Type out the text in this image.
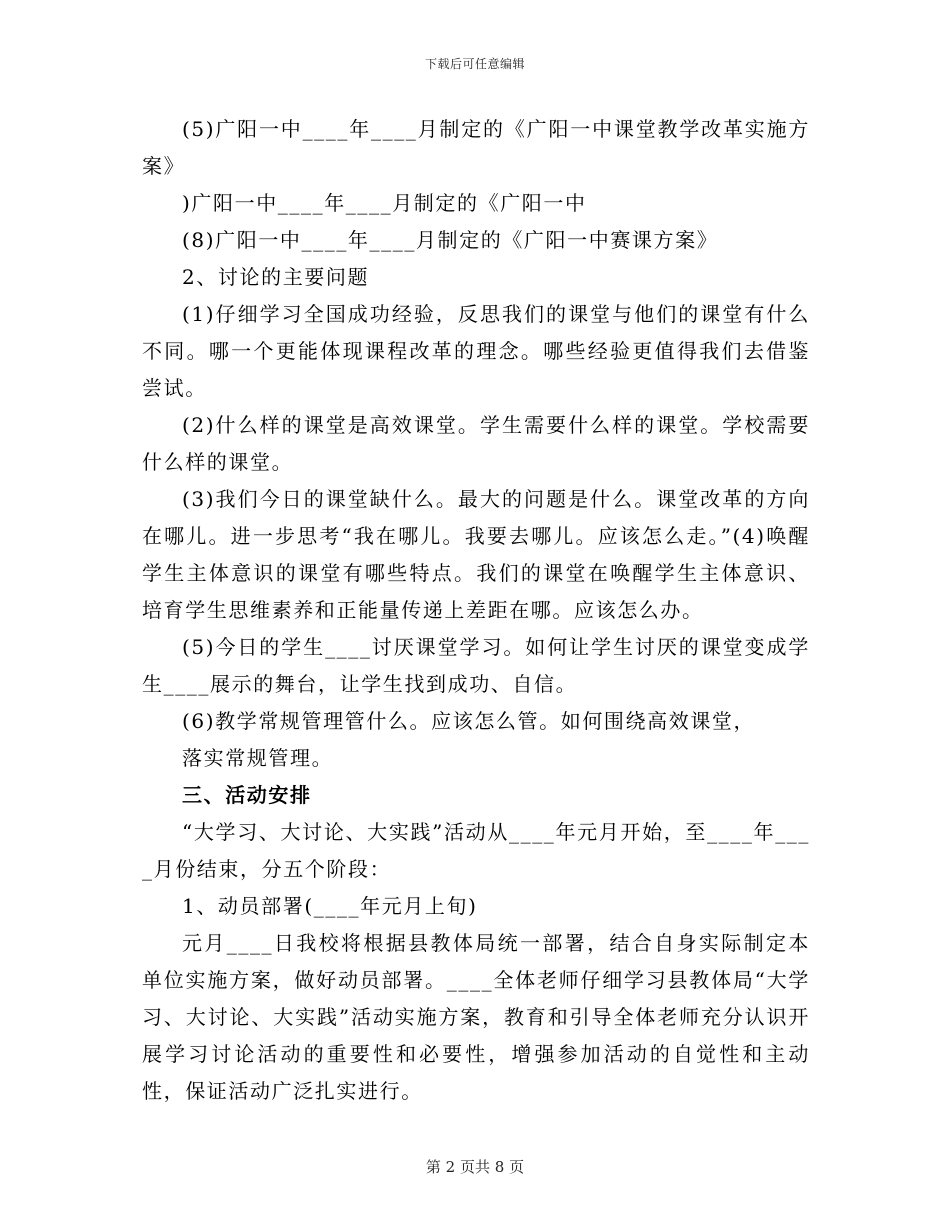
下载后可任意编辑

(5)广阳一中____年____月制定的《广阳一中课堂教学改革实施方案》

)广阳一中____年____月制定的《广阳一中

(8)广阳一中____年____月制定的《广阳一中赛课方案》

2、讨论的主要问题

(1)仔细学习全国成功经验，反思我们的课堂与他们的课堂有什么不同。哪一个更能体现课程改革的理念。哪些经验更值得我们去借鉴尝试。

(2)什么样的课堂是高效课堂。学生需要什么样的课堂。学校需要什么样的课堂。

(3)我们今日的课堂缺什么。最大的问题是什么。课堂改革的方向在哪儿。进一步思考“我在哪儿。我要去哪儿。应该怎么走。”(4)唤醒学生主体意识的课堂有哪些特点。我们的课堂在唤醒学生主体意识、培育学生思维素养和正能量传递上差距在哪。应该怎么办。

(5)今日的学生____讨厌课堂学习。如何让学生讨厌的课堂变成学生____展示的舞台，让学生找到成功、自信。

(6)教学常规管理管什么。应该怎么管。如何围绕高效课堂，

落实常规管理。

三、活动安排

“大学习、大讨论、大实践”活动从____年元月开始，至____年____月份结束，分五个阶段：

1、动员部署(____年元月上旬)

元月____日我校将根据县教体局统一部署，结合自身实际制定本单位实施方案，做好动员部署。____全体老师仔细学习县教体局“大学习、大讨论、大实践”活动实施方案，教育和引导全体老师充分认识开展学习讨论活动的重要性和必要性，增强参加活动的自觉性和主动性，保证活动广泛扎实进行。

第 2 页共 8 页
